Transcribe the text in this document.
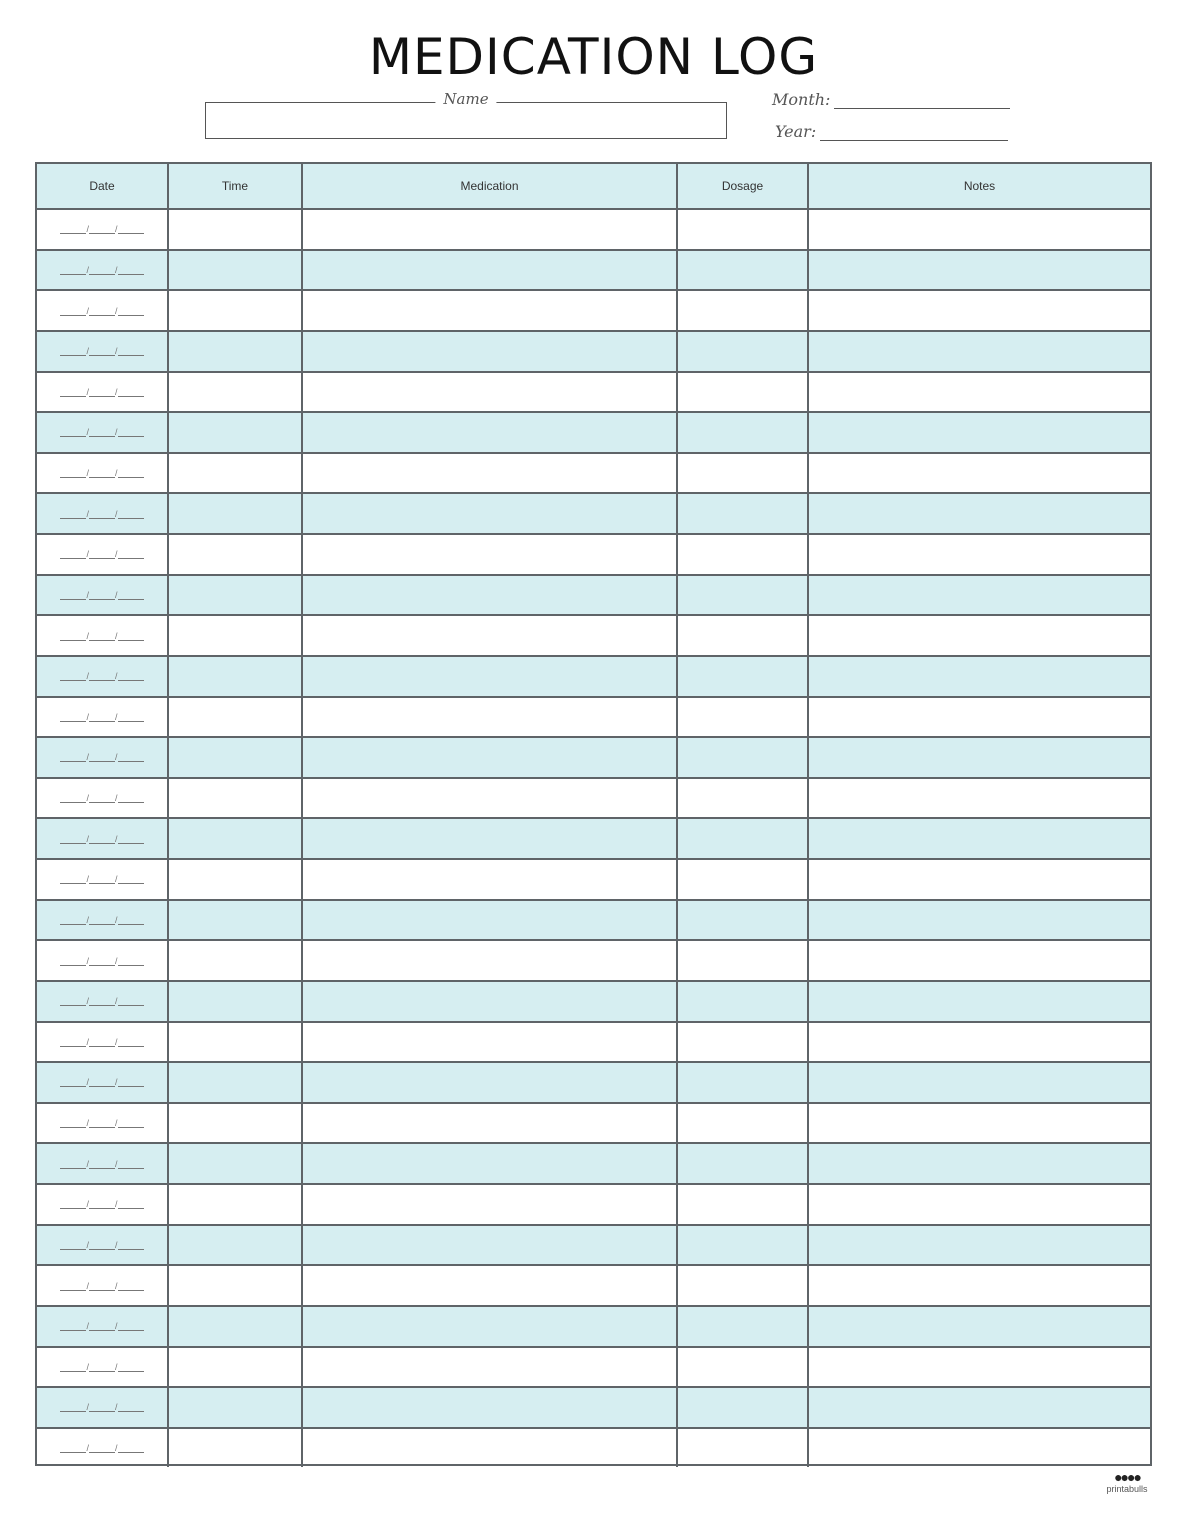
MEDICATION LOG
Name	Month:
Year:
Date	Time	Medication	Dosage	Notes
/	/
/	/
/	/
/	/
/	/
/	/
/	/
/	/
/	/
/	/
/	/
/	/
/	/
/	/
/	/
/	/
/	/
/	/
/	/
/	/
/	/
/	/
/	/
/	/
/	/
/	/
/	/
/	/
/	/
/	/
/	/
●●●●
printabulls
